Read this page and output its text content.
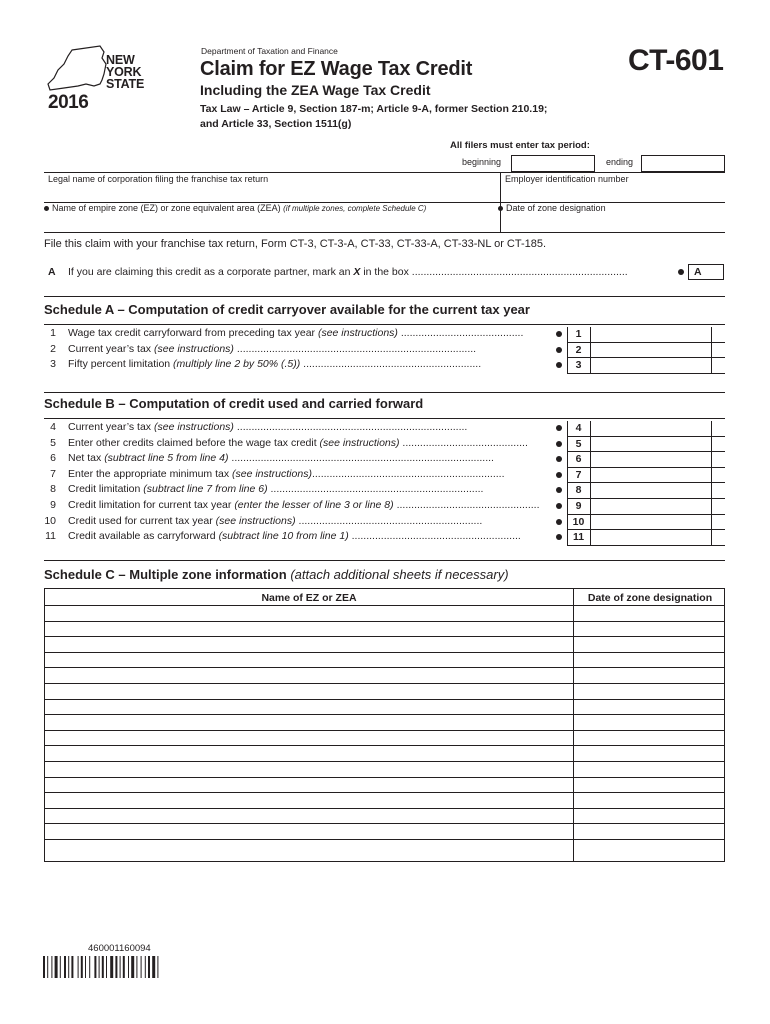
NEW
YORK
STATE
2016
Department of Taxation and Finance
Claim for EZ Wage Tax Credit
Including the ZEA Wage Tax Credit
Tax Law – Article 9, Section 187-m; Article 9-A, former Section 210.19;
and Article 33, Section 1511(g)
CT-601
All filers must enter tax period:
beginning	ending
Legal name of corporation filing the franchise tax return	Employer identification number
Name of empire zone (EZ) or zone equivalent area (ZEA) (if multiple zones, complete Schedule C)	Date of zone designation
File this claim with your franchise tax return, Form CT-3, CT-3-A, CT-33, CT-33-A, CT-33-NL or CT-185.
A If you are claiming this credit as a corporate partner, mark an X in the box ..........................................................................	A
Schedule A – Computation of credit carryover available for the current tax year
1 Wage tax credit carryforward from preceding tax year (see instructions) ..........................................	1
2 Current year’s tax (see instructions) ..................................................................................	2
3 Fifty percent limitation (multiply line 2 by 50% (.5)) .............................................................	3
Schedule B – Computation of credit used and carried forward
4 Current year’s tax (see instructions) ...............................................................................	4
5 Enter other credits claimed before the wage tax credit (see instructions) ...........................................	5
6 Net tax (subtract line 5 from line 4) ..........................................................................................	6
7 Enter the appropriate minimum tax (see instructions)..................................................................	7
8 Credit limitation (subtract line 7 from line 6) .........................................................................	8
9 Credit limitation for current tax year (enter the lesser of line 3 or line 8) .................................................	9
10 Credit used for current tax year (see instructions) ...............................................................	10
11 Credit available as carryforward (subtract line 10 from line 1) ..........................................................	11
Schedule C – Multiple zone information (attach additional sheets if necessary)
Name of EZ or ZEA	Date of zone designation
460001160094
